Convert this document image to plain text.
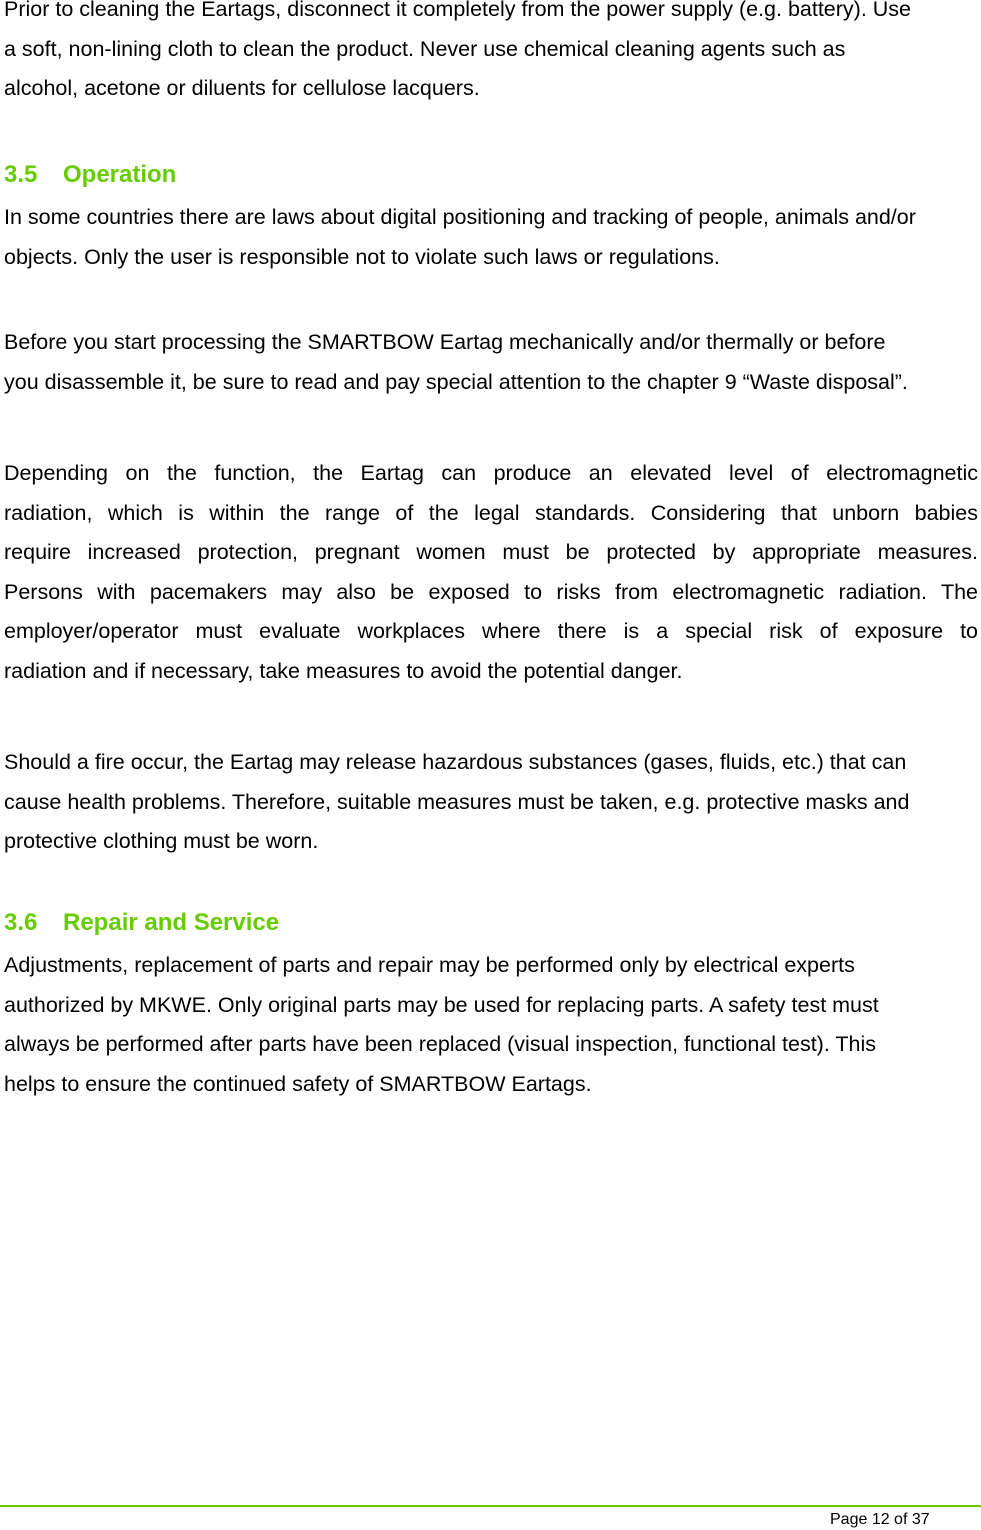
Prior to cleaning the Eartags, disconnect it completely from the power supply (e.g. battery). Use
a soft, non-lining cloth to clean the product. Never use chemical cleaning agents such as
alcohol, acetone or diluents for cellulose lacquers.
3.5 Operation
In some countries there are laws about digital positioning and tracking of people, animals and/or
objects. Only the user is responsible not to violate such laws or regulations.
Before you start processing the SMARTBOW Eartag mechanically and/or thermally or before
you disassemble it, be sure to read and pay special attention to the chapter 9 “Waste disposal”.
Depending on the function, the Eartag can produce an elevated level of electromagnetic
radiation, which is within the range of the legal standards. Considering that unborn babies
require increased protection, pregnant women must be protected by appropriate measures.
Persons with pacemakers may also be exposed to risks from electromagnetic radiation. The
employer/operator must evaluate workplaces where there is a special risk of exposure to
radiation and if necessary, take measures to avoid the potential danger.
Should a fire occur, the Eartag may release hazardous substances (gases, fluids, etc.) that can
cause health problems. Therefore, suitable measures must be taken, e.g. protective masks and
protective clothing must be worn.
3.6 Repair and Service
Adjustments, replacement of parts and repair may be performed only by electrical experts
authorized by MKWE. Only original parts may be used for replacing parts. A safety test must
always be performed after parts have been replaced (visual inspection, functional test). This
helps to ensure the continued safety of SMARTBOW Eartags.
Page 12 of 37
